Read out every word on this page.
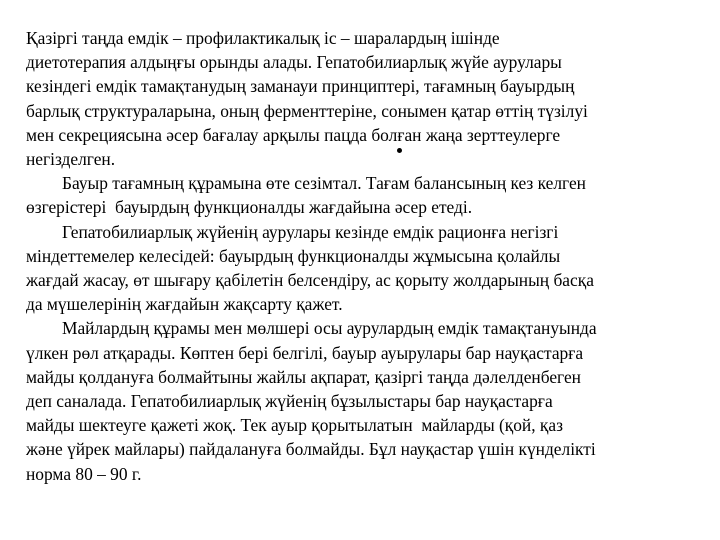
Қазіргі таңда емдік – профилактикалық іс – шаралардың ішінде
диетотерапия алдыңғы орынды алады. Гепатобилиарлық жүйе аурулары
кезіндегі емдік тамақтанудың заманауи принциптері, тағамның бауырдың
барлық структураларына, оның ферменттеріне, сонымен қатар өттің түзілуі
мен секрециясына әсер бағалау арқылы пацда болған жаңа зерттеулерге
негізделген.

Бауыр тағамның құрамына өте сезімтал. Тағам балансының кез келген
өзгерістері  бауырдың функционалды жағдайына әсер етеді.

Гепатобилиарлық жүйенің аурулары кезінде емдік рационға негізгі
міндеттемелер келесідей: бауырдың функционалды жұмысына қолайлы
жағдай жасау, өт шығару қабілетін белсендіру, ас қорыту жолдарының басқа
да мүшелерінің жағдайын жақсарту қажет.

Майлардың құрамы мен мөлшері осы аурулардың емдік тамақтануында
үлкен рөл атқарады. Көптен бері белгілі, бауыр ауырулары бар науқастарға
майды қолдануға болмайтыны жайлы ақпарат, қазіргі таңда дәлелденбеген
деп саналада. Гепатобилиарлық жүйенің бұзылыстары бар науқастарға
майды шектеуге қажеті жоқ. Тек ауыр қорытылатын  майларды (қой, қаз
және үйрек майлары) пайдалануға болмайды. Бұл науқастар үшін күнделікті
норма 80 – 90 г.
